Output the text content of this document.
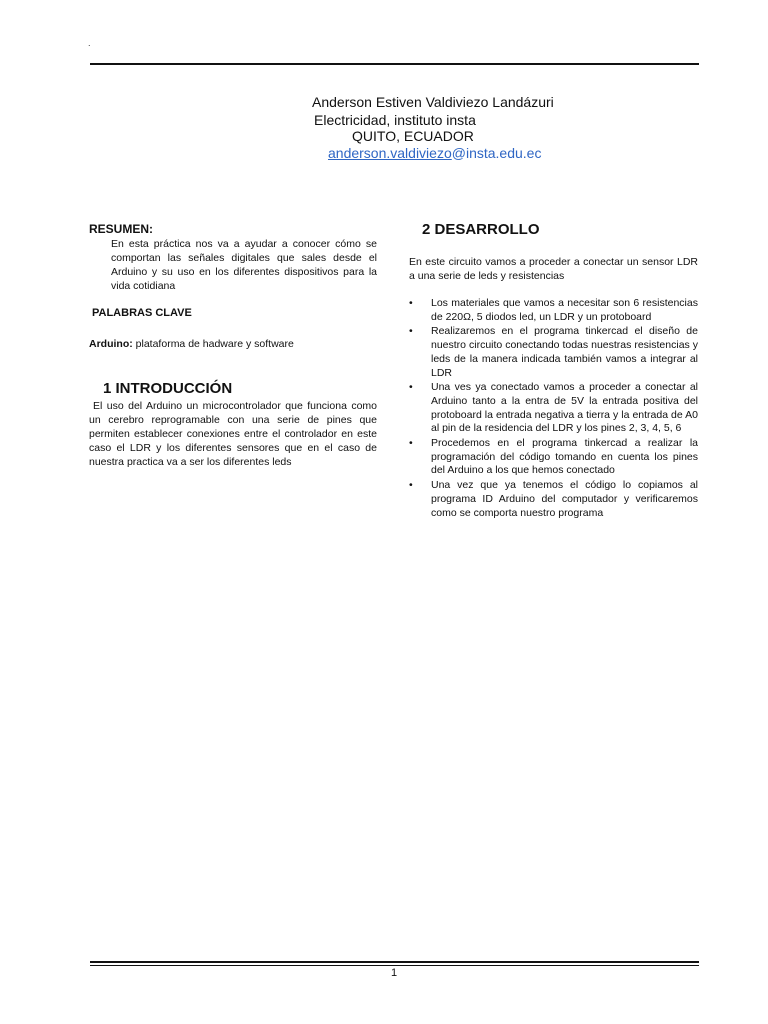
.
Anderson Estiven Valdiviezo Landázuri
Electricidad, instituto insta
QUITO, ECUADOR
anderson.valdiviezo@insta.edu.ec
RESUMEN:
En esta práctica nos va a ayudar a conocer cómo se comportan las señales digitales que sales desde el Arduino y su uso en los diferentes dispositivos para la vida cotidiana
PALABRAS CLAVE
Arduino: plataforma de hadware y software
1 INTRODUCCIÓN
El uso del Arduino un microcontrolador que funciona como un cerebro reprogramable con una serie de pines que permiten establecer conexiones entre el controlador en este caso el LDR y los diferentes sensores que en el caso de nuestra practica va a ser los diferentes leds
2 DESARROLLO
En este circuito vamos a proceder a conectar un sensor LDR a una serie de leds y resistencias
• Los materiales que vamos a necesitar son 6 resistencias de 220Ω, 5 diodos led, un LDR y un protoboard
• Realizaremos en el programa tinkercad el diseño de nuestro circuito conectando todas nuestras resistencias y leds de la manera indicada también vamos a integrar al LDR
• Una ves ya conectado vamos a proceder a conectar al Arduino tanto a la entra de 5V la entrada positiva del protoboard la entrada negativa a tierra y la entrada de A0 al pin de la residencia del LDR y los pines 2, 3, 4, 5, 6
• Procedemos en el programa tinkercad a realizar la programación del código tomando en cuenta los pines del Arduino a los que hemos conectado
• Una vez que ya tenemos el código lo copiamos al programa ID Arduino del computador y verificaremos como se comporta nuestro programa
1
